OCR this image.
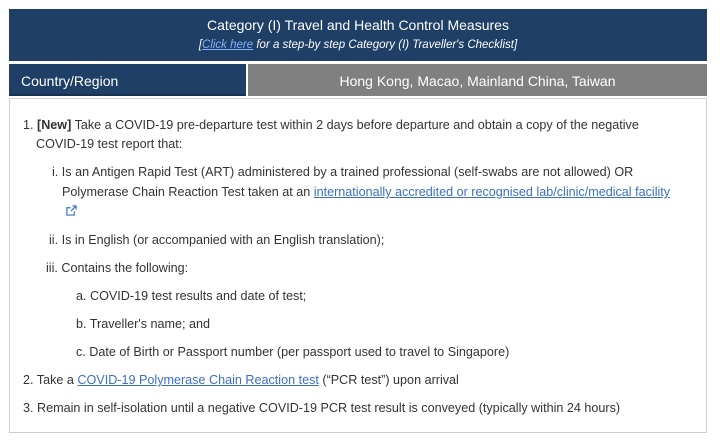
Category (I) Travel and Health Control Measures
[Click here for a step-by step Category (I) Traveller's Checklist]
Country/Region	Hong Kong, Macao, Mainland China, Taiwan
1. [New] Take a COVID-19 pre-departure test within 2 days before departure and obtain a copy of the negative
COVID-19 test report that:
i. Is an Antigen Rapid Test (ART) administered by a trained professional (self-swabs are not allowed) OR
Polymerase Chain Reaction Test taken at an internationally accredited or recognised lab/clinic/medical facility
ii. Is in English (or accompanied with an English translation);
iii. Contains the following:
a. COVID-19 test results and date of test;
b. Traveller's name; and
c. Date of Birth or Passport number (per passport used to travel to Singapore)
2. Take a COVID-19 Polymerase Chain Reaction test (“PCR test”) upon arrival
3. Remain in self-isolation until a negative COVID-19 PCR test result is conveyed (typically within 24 hours)
